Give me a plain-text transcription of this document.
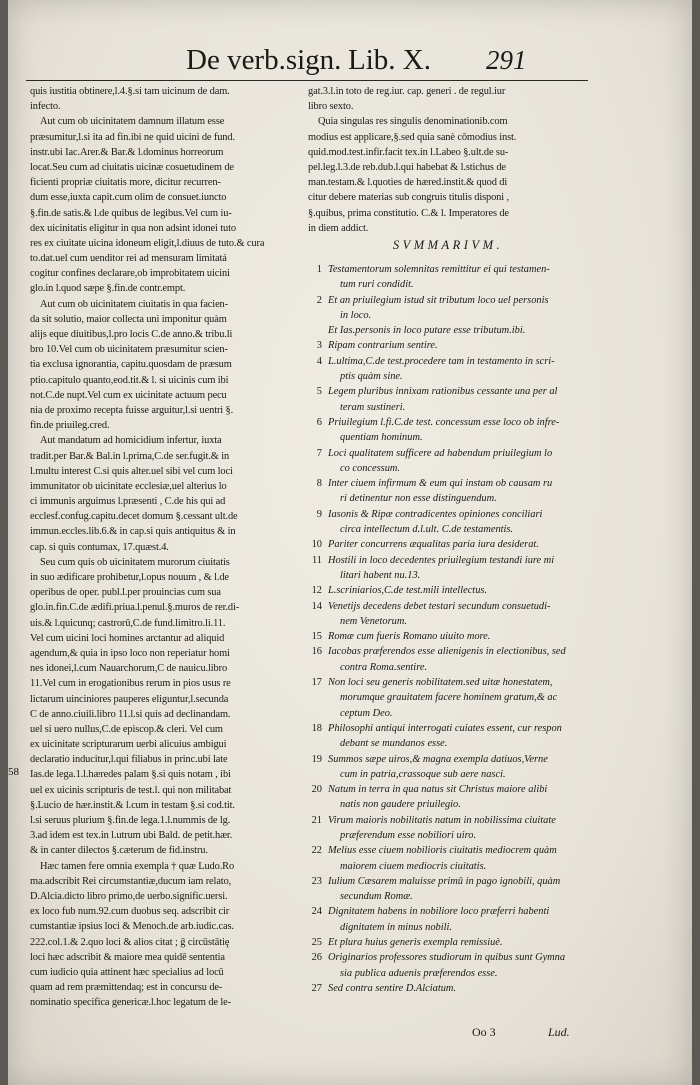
De verb.sign. Lib. X. 291
quis iustitia obtinere,l.4.§.si tam uicinum de dam.
infecto.
Aut cum ob uicinitatem damnum illatum esse
præsumitur,l.si ita ad fin.ibi ne quid uicini de fund.
instr.ubi Iac.Arer.& Bar.& l.dominus horreorum
locat.Seu cum ad ciuitatis uicinæ cosuetudinem de
ficienti propriæ ciuitatis more, dicitur recurren-
dum esse,iuxta capit.cum olim de consuet.iuncto
§.fin.de satis.& l.de quibus de legibus.Vel cum iu-
dex uicinitatis eligitur in qua non adsint idonei tuto
res ex ciuitate uicina idoneum eligit,l.diuus de tuto.& cura
to.dat.uel cum uenditor rei ad mensuram limitatá
cogitur confines declarare,ob improbitatem uicini
glo.in l.quod sæpe §.fin.de contr.empt.
Aut cum ob uicinitatem ciuitatis in qua facien-
da sit solutio, maior collecta uni imponitur quàm
alijs eque diuitibus,l.pro locis C.de anno.& tribu.li
bro 10.Vel cum ob uicinitatem præsumitur scien-
tia exclusa ignorantia, capitu.quosdam de præsum
ptio.capitulo quanto,eod.tit.& l. si uicinis cum ibi
not.C.de nupt.Vel cum ex uicinitate actuum pecu
nia de proximo recepta fuisse arguitur,l.si uentri §.
fin.de priuileg.cred.
Aut mandatum ad homicidium infertur, iuxta
tradit.per Bar.& Bal.in l.prima,C.de ser.fugit.& in
l.multu interest C.si quis alter.uel sibi vel cum loci
immunitator ob uicinitate ecclesiæ,uel alterius lo
ci immunis arguimus l.præsenti , C.de his qui ad
ecclesf.confug.capitu.decet domum §.cessant ult.de
immun.eccles.lib.6.& in cap.si quis antiquitus & in
cap. si quis contumax, 17.quæst.4.
Seu cum quis ob uicinitatem murorum ciuitatis
in suo ædificare prohibetur,l.opus nouum , & l.de
operibus de oper. publ.l.per prouincias cum sua
glo.in.fin.C.de ædifi.priua.l.penul.§.muros de rer.di-
uis.& l.quicunq; castrorū,C.de fund.limitro.li.11.
Vel cum uicini loci homines arctantur ad aliquid
agendum,& quia in ipso loco non reperiatur homi
nes idonei,l.cum Nauarchorum,C de nauicu.libro
11.Vel cum in erogationibus rerum in pios usus re
lictarum uinciniores pauperes eliguntur,l.secunda
C de anno.ciuili.libro 11.l.si quis ad declinandam.
uel si uero nullus,C.de episcop.& cleri. Vel cum
ex uicinitate scripturarum uerbi alicuius ambigui
declaratio inducitur,l.qui filiabus in princ.ubi late
Ias.de lega.1.l.hæredes palam §.si quis notam , ibi
uel ex uicinis scripturis de test.l. qui non militabat
§.Lucio de hær.instit.& l.cum in testam §.si cod.tit.
l.si seruus plurium §.fin.de lega.1.l.nummis de lg.
3.ad idem est tex.in l.utrum ubi Bald. de petit.hær.
& in canter dilectos §.cæterum de fid.instru.
Hæc tamen fere omnia exempla † quæ Ludo.Ro
ma.adscribit Rei circumstantiæ,ducum iam relato,
D.Alcia.dicto libro primo,de uerbo.signific.uersi.
ex loco fub num.92.cum duobus seq. adscribit cir
cumstantiæ ipsius loci & Menoch.de arb.iudic.cas.
222.col.1.& 2.quo loci & alios citat ; ḡ circūstātię
loci hæc adscribit & maiore mea quidē sententia
cum iudicio quia attinent hæc specialius ad locū
quam ad rem præmittendaq; est in concursu de-
nominatio specifica genericæ.l.hoc legatum de le-
58
gat.3.l.in toto de reg.iur. cap. generi . de regul.iur
libro sexto.
Quia singulas res singulis denominationib.com
modius est applicare,§.sed quia sanè cōmodius inst.
quid.mod.test.infir.facit tex.in l.Labeo §.ult.de su-
pel.leg.l.3.de reb.dub.l.qui habebat & l.stichus de
man.testam.& l.quoties de hæred.instit.& quod di
citur debere materias sub congruis titulis disponi ,
§.quibus, prima constitutio. C.& l. Imperatores de
in diem addict.
SVMMARIVM.
1 Testamentorum solemnitas remittitur ei qui testamen-
tum ruri condidit.
2 Et an priuilegium istud sit tributum loco uel personis
in loco.
Et Ias.personis in loco putare esse tributum.ibi.
3 Ripam contrarium sentire.
4 L.ultima,C.de test.procedere tam in testamento in scri-
ptis quàm sine.
5 Legem pluribus innixam rationibus cessante una per al
teram sustineri.
6 Priuilegium l.fi.C.de test. concessum esse loco ob infre-
quentiam hominum.
7 Loci qualitatem sufficere ad habendum priuilegium lo
co concessum.
8 Inter ciuem infirmum & eum qui instam ob causam ru
ri detinentur non esse distinguendum.
9 Iasonis & Ripæ contradicentes opiniones conciliari
circa intellectum d.l.ult. C.de testamentis.
10 Pariter concurrens æqualitas paria iura desiderat.
11 Hostili in loco decedentes priuilegium testandi iure mi
litari habent nu.13.
12 L.scriniarios,C.de test.mili intellectus.
14 Venetijs decedens debet testari secundum consuetudi-
nem Venetorum.
15 Romæ cum fueris Romano uiuito more.
16 Iacobas præferendos esse alienigenis in electionibus, sed
contra Roma.sentire.
17 Non loci seu generis nobilitatem.sed uitæ honestatem,
morumque grauitatem facere hominem gratum,& ac
ceptum Deo.
18 Philosophi antiqui interrogati cuiates essent, cur respon
debant se mundanos esse.
19 Summos sæpe uiros,& magna exempla datiuos,Verne
cum in patria,crassoque sub aere nasci.
20 Natum in terra in qua natus sit Christus maiore alibi
natis non gaudere priuilegio.
21 Virum maioris nobilitatis natum in nobilissima ciuitate
præferendum esse nobiliori uiro.
22 Melius esse ciuem nobilioris ciuitatis mediocrem quàm
maiorem ciuem mediocris ciuitatis.
23 Iulium Cæsarem maluisse primū in pago ignobili, quàm
secundum Romæ.
24 Dignitatem habens in nobiliore loco præferri habenti
dignitatem in minus nobili.
25 Et plura huius generis exempla remissiuè.
26 Originarios professores studiorum in quibus sunt Gymna
sia publica aduenis præferendos esse.
27 Sed contra sentire D.Alciatum.
Oo 3	Lud.
